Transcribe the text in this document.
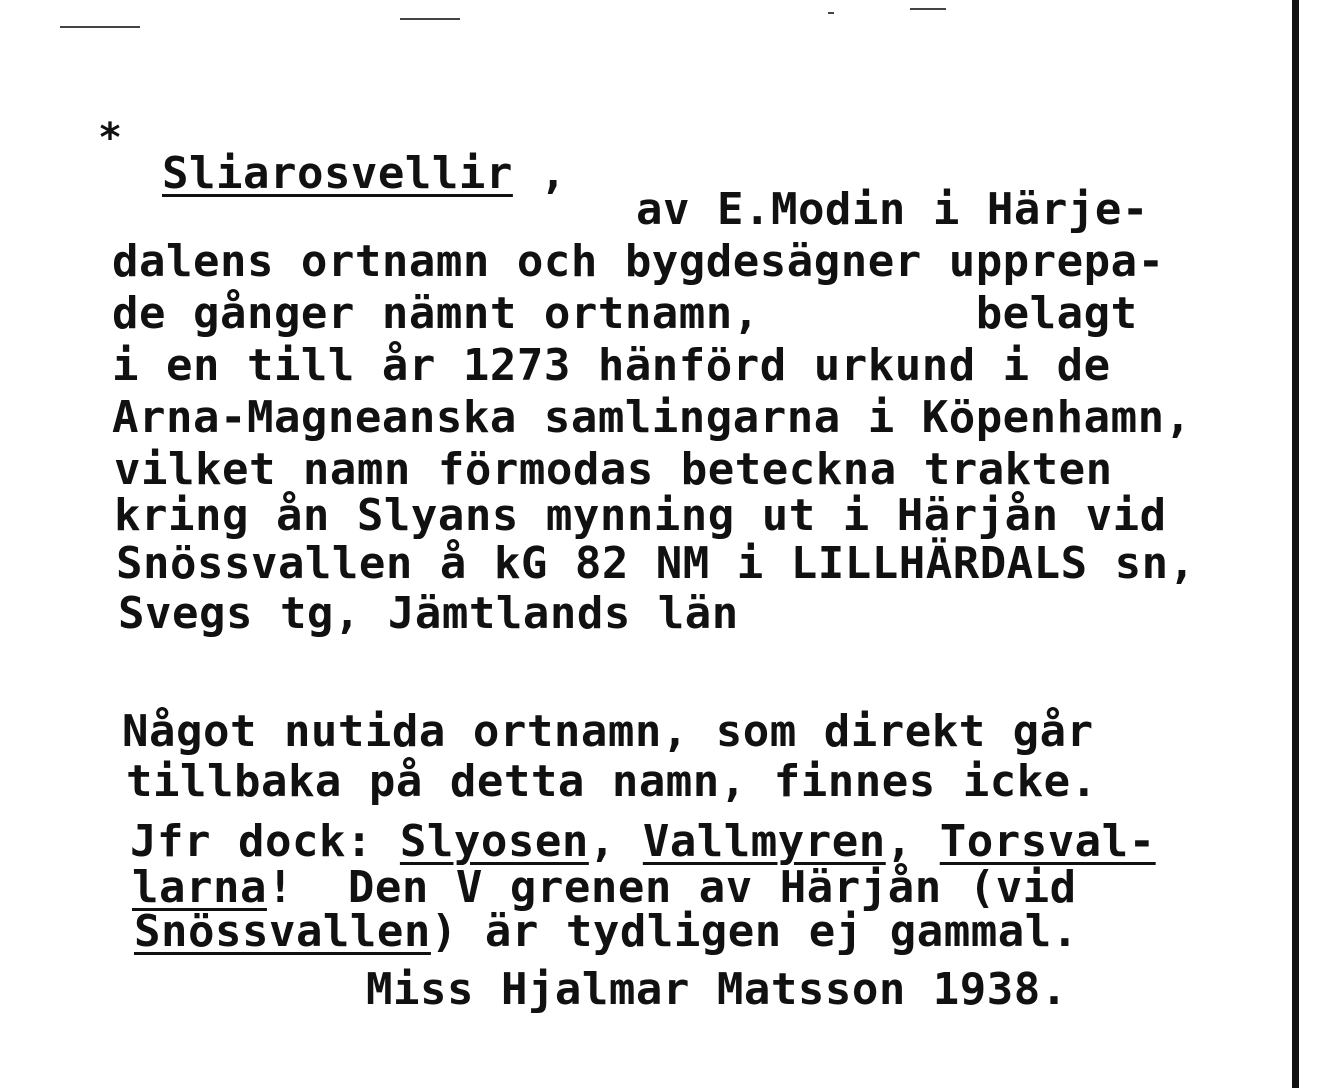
*
Sliarosvellir ,
av E.Modin i Härje-
dalens ortnamn och bygdesägner upprepa-
de gånger nämnt ortnamn,        belagt
i en till år 1273 hänförd urkund i de
Arna-Magneanska samlingarna i Köpenhamn,
vilket namn förmodas beteckna trakten
kring ån Slyans mynning ut i Härjån vid
Snössvallen å kG 82 NM i LILLHÄRDALS sn,
Svegs tg, Jämtlands län
Något nutida ortnamn, som direkt går
tillbaka på detta namn, finnes icke.
Jfr dock: Slyosen, Vallmyren, Torsval-
larna!  Den V grenen av Härjån (vid
Snössvallen) är tydligen ej gammal.
Miss Hjalmar Matsson 1938.
